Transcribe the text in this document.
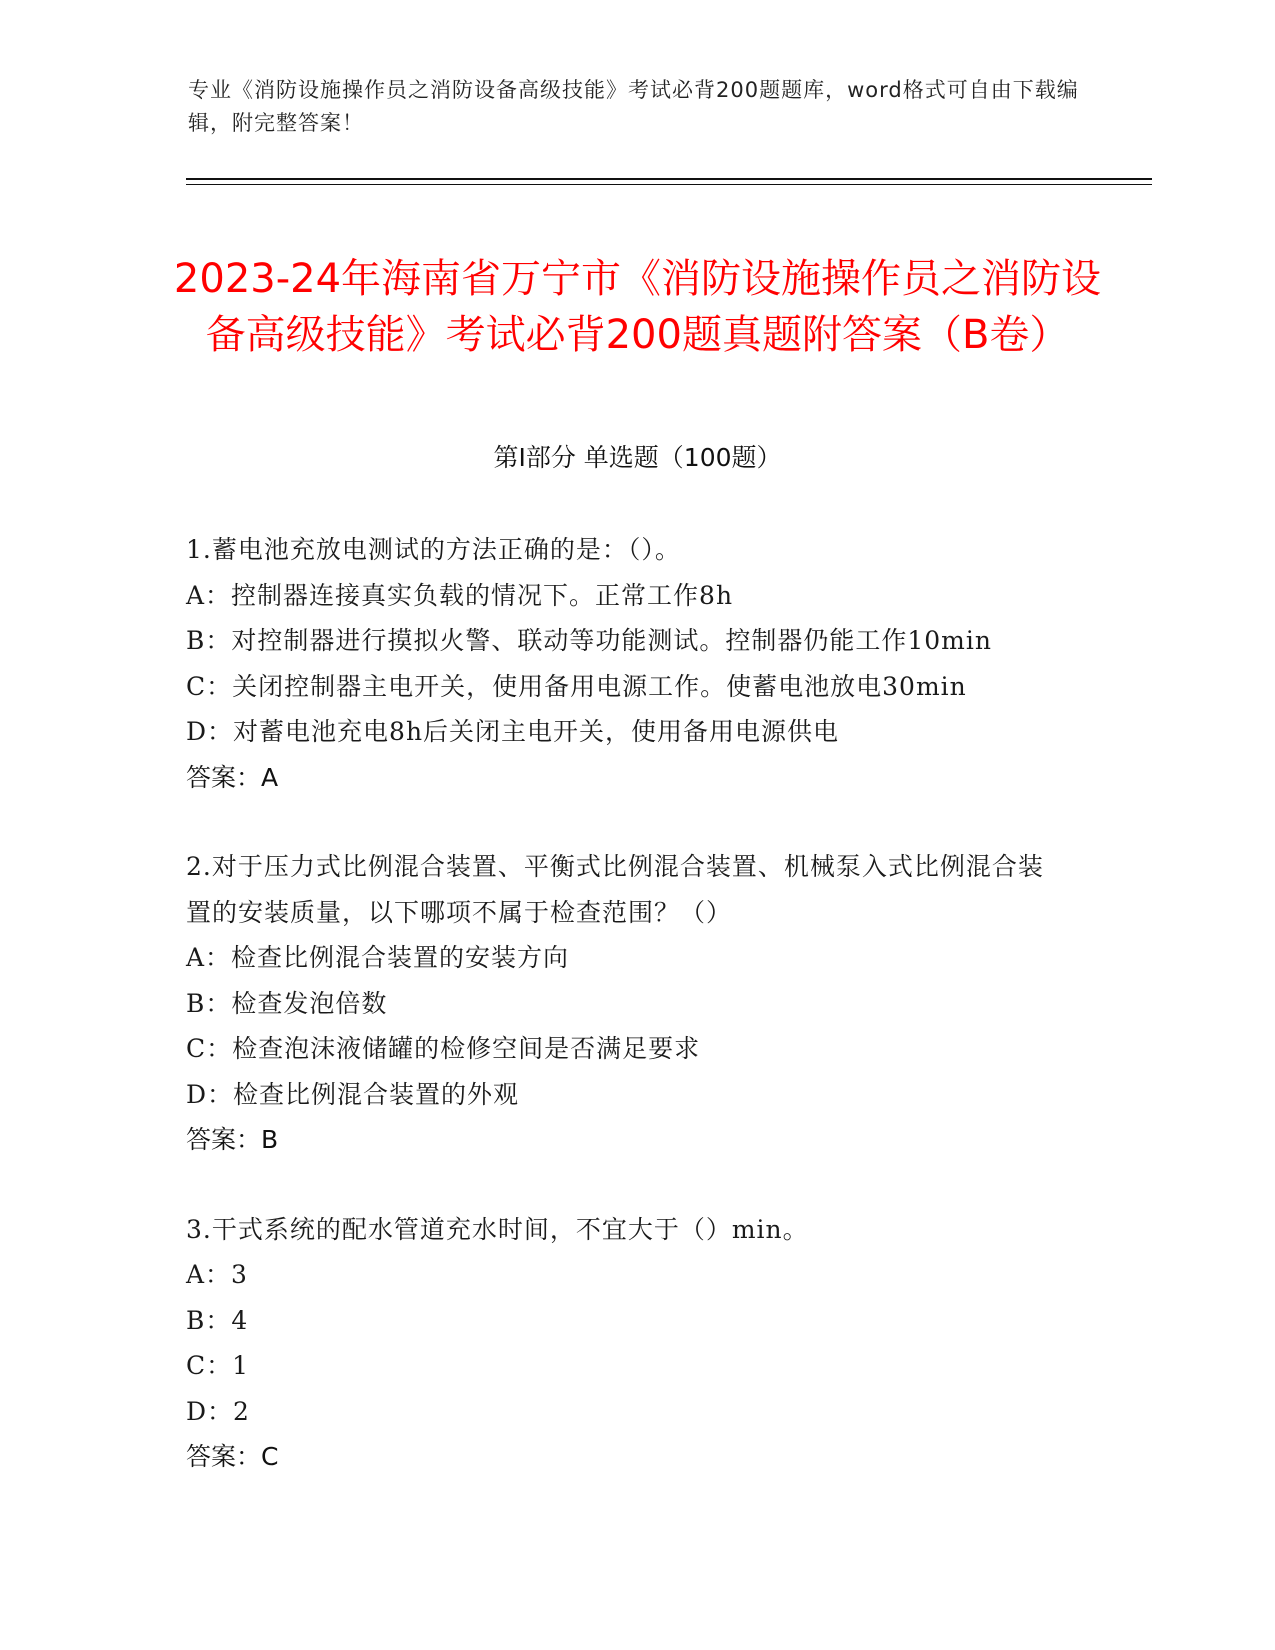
专业《消防设施操作员之消防设备高级技能》考试必背200题题库，word格式可自由下载编辑，附完整答案！
2023-24年海南省万宁市《消防设施操作员之消防设备高级技能》考试必背200题真题附答案（B卷）
第Ⅰ部分 单选题（100题）
1.蓄电池充放电测试的方法正确的是：（）。
A：控制器连接真实负载的情况下。正常工作8h
B：对控制器进行摸拟火警、联动等功能测试。控制器仍能工作10min
C：关闭控制器主电开关，使用备用电源工作。使蓄电池放电30min
D：对蓄电池充电8h后关闭主电开关，使用备用电源供电
答案：A
2.对于压力式比例混合装置、平衡式比例混合装置、机械泵入式比例混合装置的安装质量，以下哪项不属于检查范围？（）
A：检查比例混合装置的安装方向
B：检查发泡倍数
C：检查泡沫液储罐的检修空间是否满足要求
D：检查比例混合装置的外观
答案：B
3.干式系统的配水管道充水时间，不宜大于（）min。
A：3
B：4
C：1
D：2
答案：C
